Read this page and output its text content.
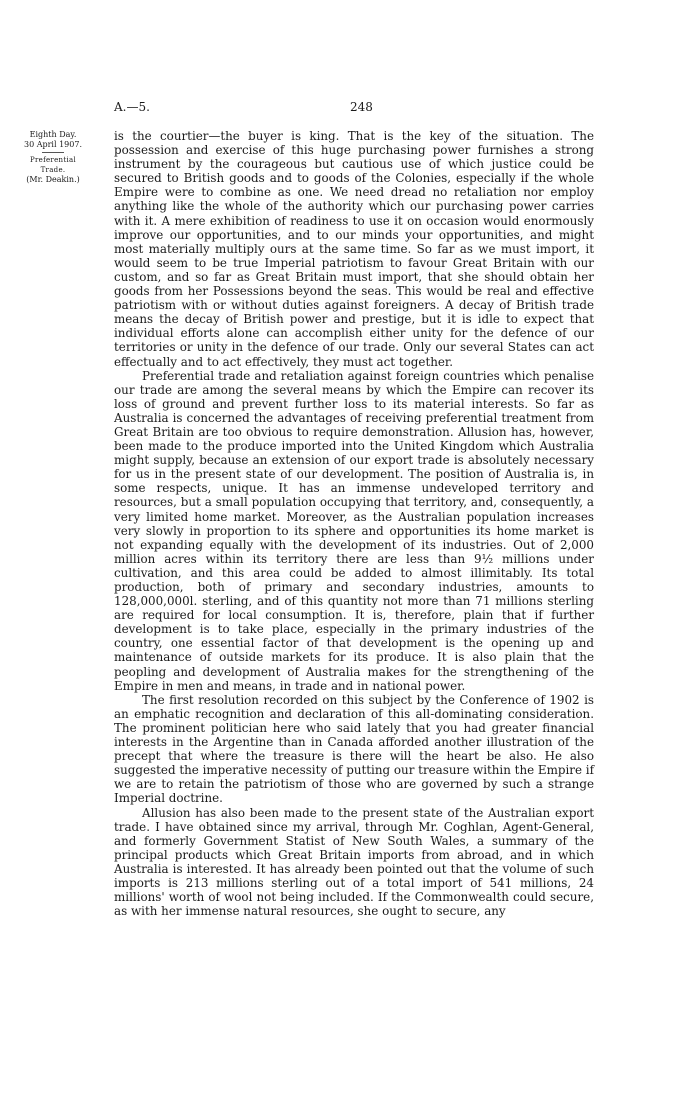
A.—5.	248
Eighth Day.
30 April 1907.
Preferential
Trade.
(Mr. Deakin.)

is the courtier—the buyer is king. That is the key of the situation. The possession and exercise of this huge purchasing power furnishes a strong instrument by the courageous but cautious use of which justice could be secured to British goods and to goods of the Colonies, especially if the whole Empire were to combine as one. We need dread no retaliation nor employ anything like the whole of the authority which our purchasing power carries with it. A mere exhibition of readiness to use it on occasion would enormously improve our opportunities, and to our minds your opportunities, and might most materially multiply ours at the same time. So far as we must import, it would seem to be true Imperial patriotism to favour Great Britain with our custom, and so far as Great Britain must import, that she should obtain her goods from her Possessions beyond the seas. This would be real and effective patriotism with or without duties against foreigners. A decay of British trade means the decay of British power and prestige, but it is idle to expect that individual efforts alone can accomplish either unity for the defence of our territories or unity in the defence of our trade. Only our several States can act effectually and to act effectively, they must act together.

Preferential trade and retaliation against foreign countries which penalise our trade are among the several means by which the Empire can recover its loss of ground and prevent further loss to its material interests. So far as Australia is concerned the advantages of receiving preferential treatment from Great Britain are too obvious to require demonstration. Allusion has, however, been made to the produce imported into the United Kingdom which Australia might supply, because an extension of our export trade is absolutely necessary for us in the present state of our development. The position of Australia is, in some respects, unique. It has an immense undeveloped territory and resources, but a small population occupying that territory, and, consequently, a very limited home market. Moreover, as the Australian population increases very slowly in proportion to its sphere and opportunities its home market is not expanding equally with the development of its industries. Out of 2,000 million acres within its territory there are less than 9½ millions under cultivation, and this area could be added to almost illimitably. Its total production, both of primary and secondary industries, amounts to 128,000,000l. sterling, and of this quantity not more than 71 millions sterling are required for local consumption. It is, therefore, plain that if further development is to take place, especially in the primary industries of the country, one essential factor of that development is the opening up and maintenance of outside markets for its produce. It is also plain that the peopling and development of Australia makes for the strengthening of the Empire in men and means, in trade and in national power.

The first resolution recorded on this subject by the Conference of 1902 is an emphatic recognition and declaration of this all-dominating consideration. The prominent politician here who said lately that you had greater financial interests in the Argentine than in Canada afforded another illustration of the precept that where the treasure is there will the heart be also. He also suggested the imperative necessity of putting our treasure within the Empire if we are to retain the patriotism of those who are governed by such a strange Imperial doctrine.

Allusion has also been made to the present state of the Australian export trade. I have obtained since my arrival, through Mr. Coghlan, Agent-General, and formerly Government Statist of New South Wales, a summary of the principal products which Great Britain imports from abroad, and in which Australia is interested. It has already been pointed out that the volume of such imports is 213 millions sterling out of a total import of 541 millions, 24 millions' worth of wool not being included. If the Commonwealth could secure, as with her immense natural resources, she ought to secure, any
